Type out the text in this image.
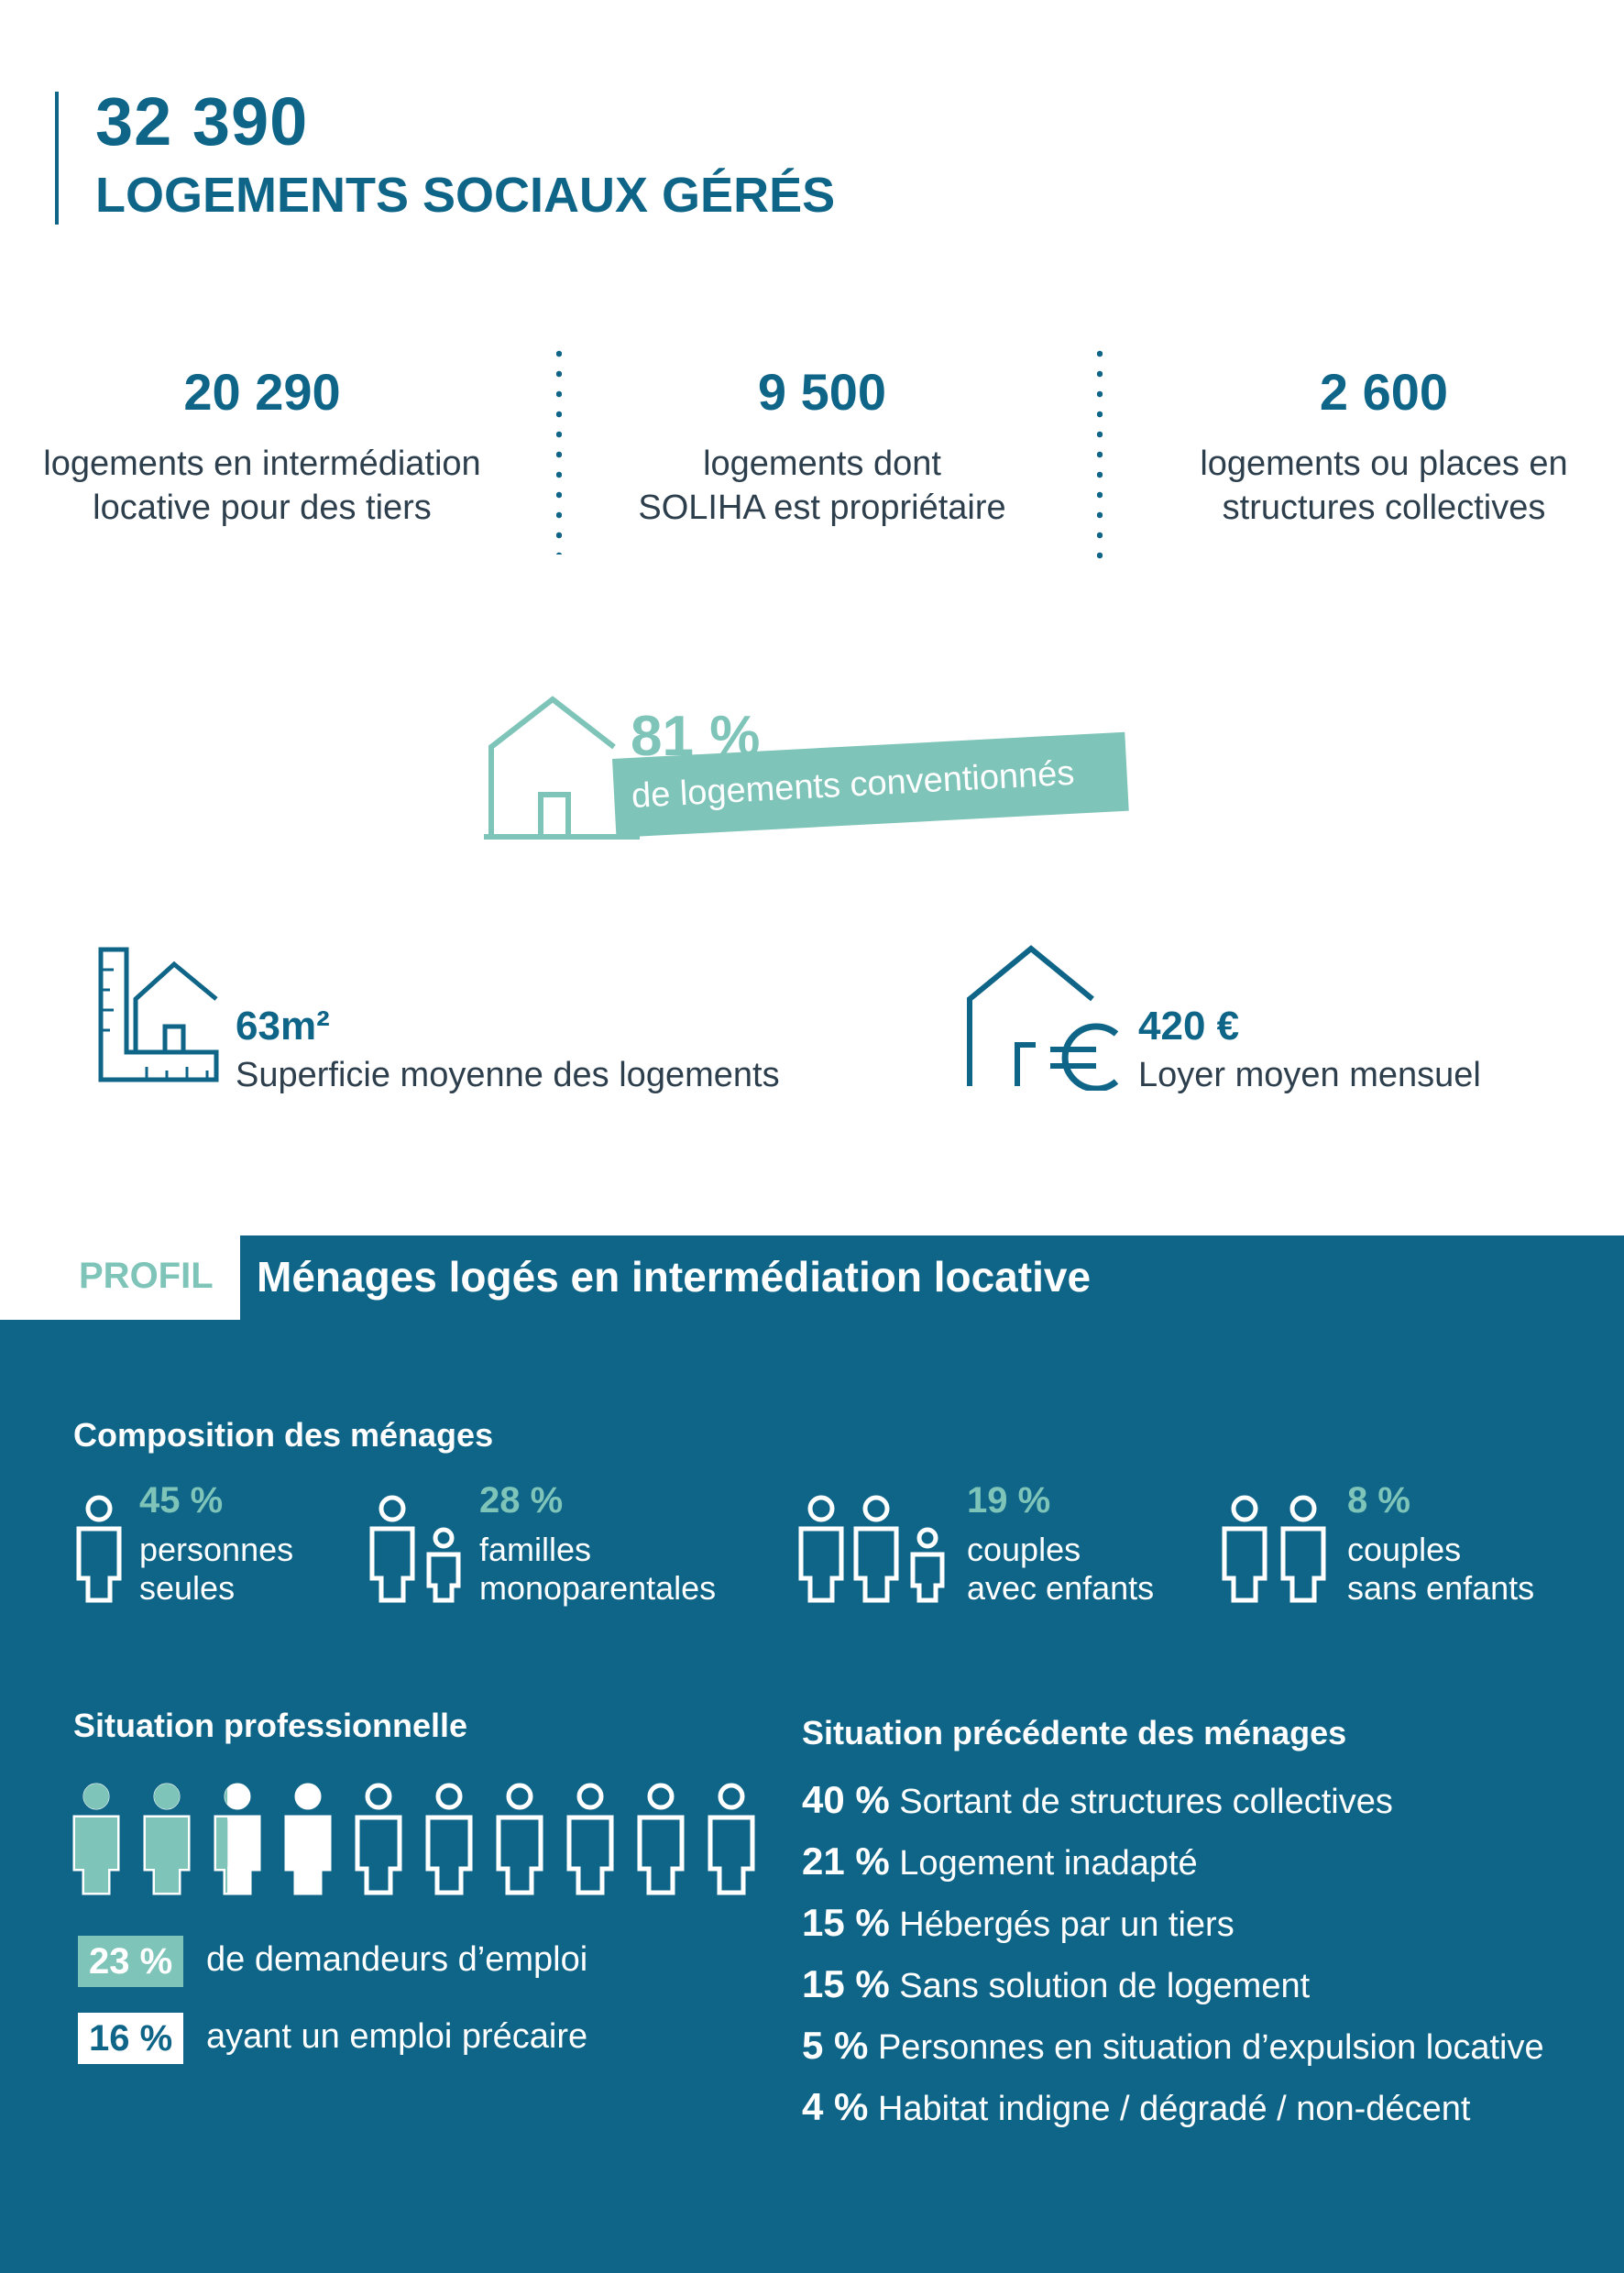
32 390
LOGEMENTS SOCIAUX GÉRÉS
20 290
logements en intermédiation
locative pour des tiers
9 500
logements dont
SOLIHA est propriétaire
2 600
logements ou places en
structures collectives
81 %
de logements conventionnés
63m²
Superficie moyenne des logements
420 €
Loyer moyen mensuel
PROFIL Ménages logés en intermédiation locative
Composition des ménages
45 %
personnes
seules
28 %
familles
monoparentales
19 %
couples
avec enfants
8 %
couples
sans enfants
Situation professionnelle
23 % de demandeurs d’emploi
16 % ayant un emploi précaire
Situation précédente des ménages
40 % Sortant de structures collectives
21 % Logement inadapté
15 % Hébergés par un tiers
15 % Sans solution de logement
5 % Personnes en situation d’expulsion locative
4 % Habitat indigne / dégradé / non-décent
